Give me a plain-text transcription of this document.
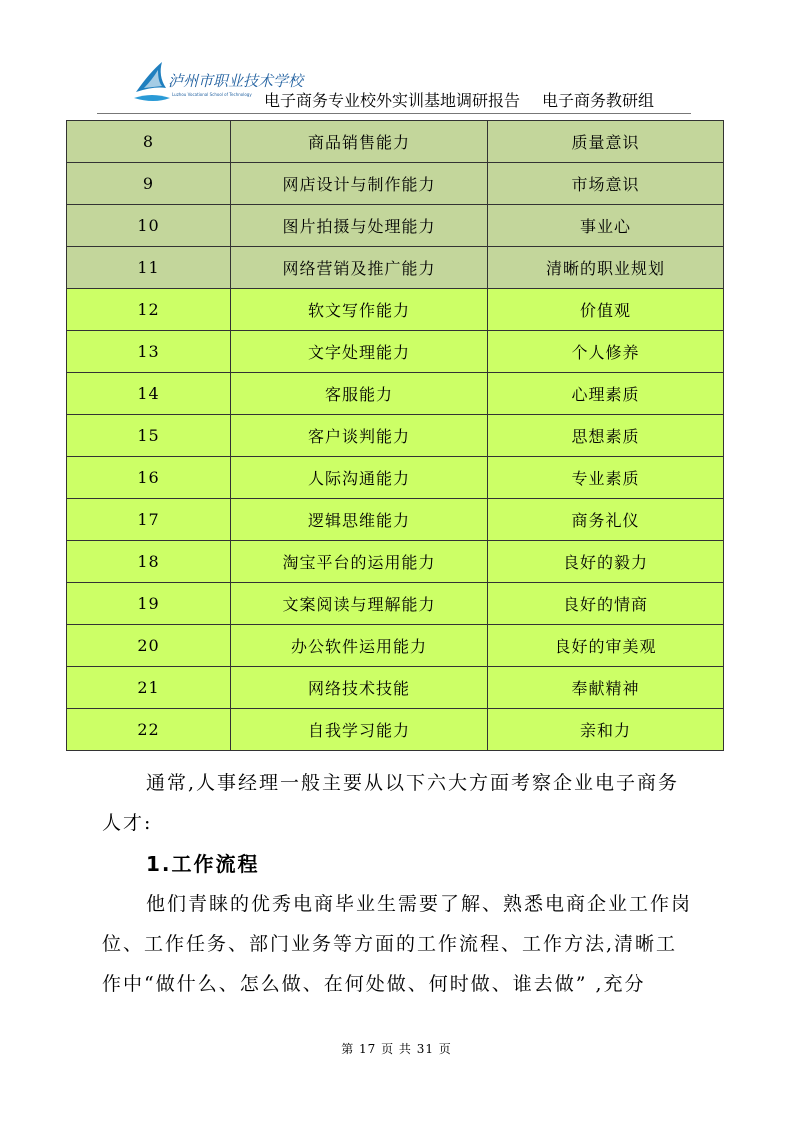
泸州市职业技术学校
Luzhou Vocational School of Technology 电子商务专业校外实训基地调研报告 电子商务教研组
8	商品销售能力	质量意识
9	网店设计与制作能力	市场意识
10	图片拍摄与处理能力	事业心
11	网络营销及推广能力	清晰的职业规划
12	软文写作能力	价值观
13	文字处理能力	个人修养
14	客服能力	心理素质
15	客户谈判能力	思想素质
16	人际沟通能力	专业素质
17	逻辑思维能力	商务礼仪
18	淘宝平台的运用能力	良好的毅力
19	文案阅读与理解能力	良好的情商
20	办公软件运用能力	良好的审美观
21	网络技术技能	奉献精神
22	自我学习能力	亲和力
通常,人事经理一般主要从以下六大方面考察企业电子商务
人才:
1.工作流程
他们青睐的优秀电商毕业生需要了解、熟悉电商企业工作岗
位、工作任务、部门业务等方面的工作流程、工作方法,清晰工
作中“做什么、怎么做、在何处做、何时做、谁去做” ,充分
第 17 页 共 31 页
